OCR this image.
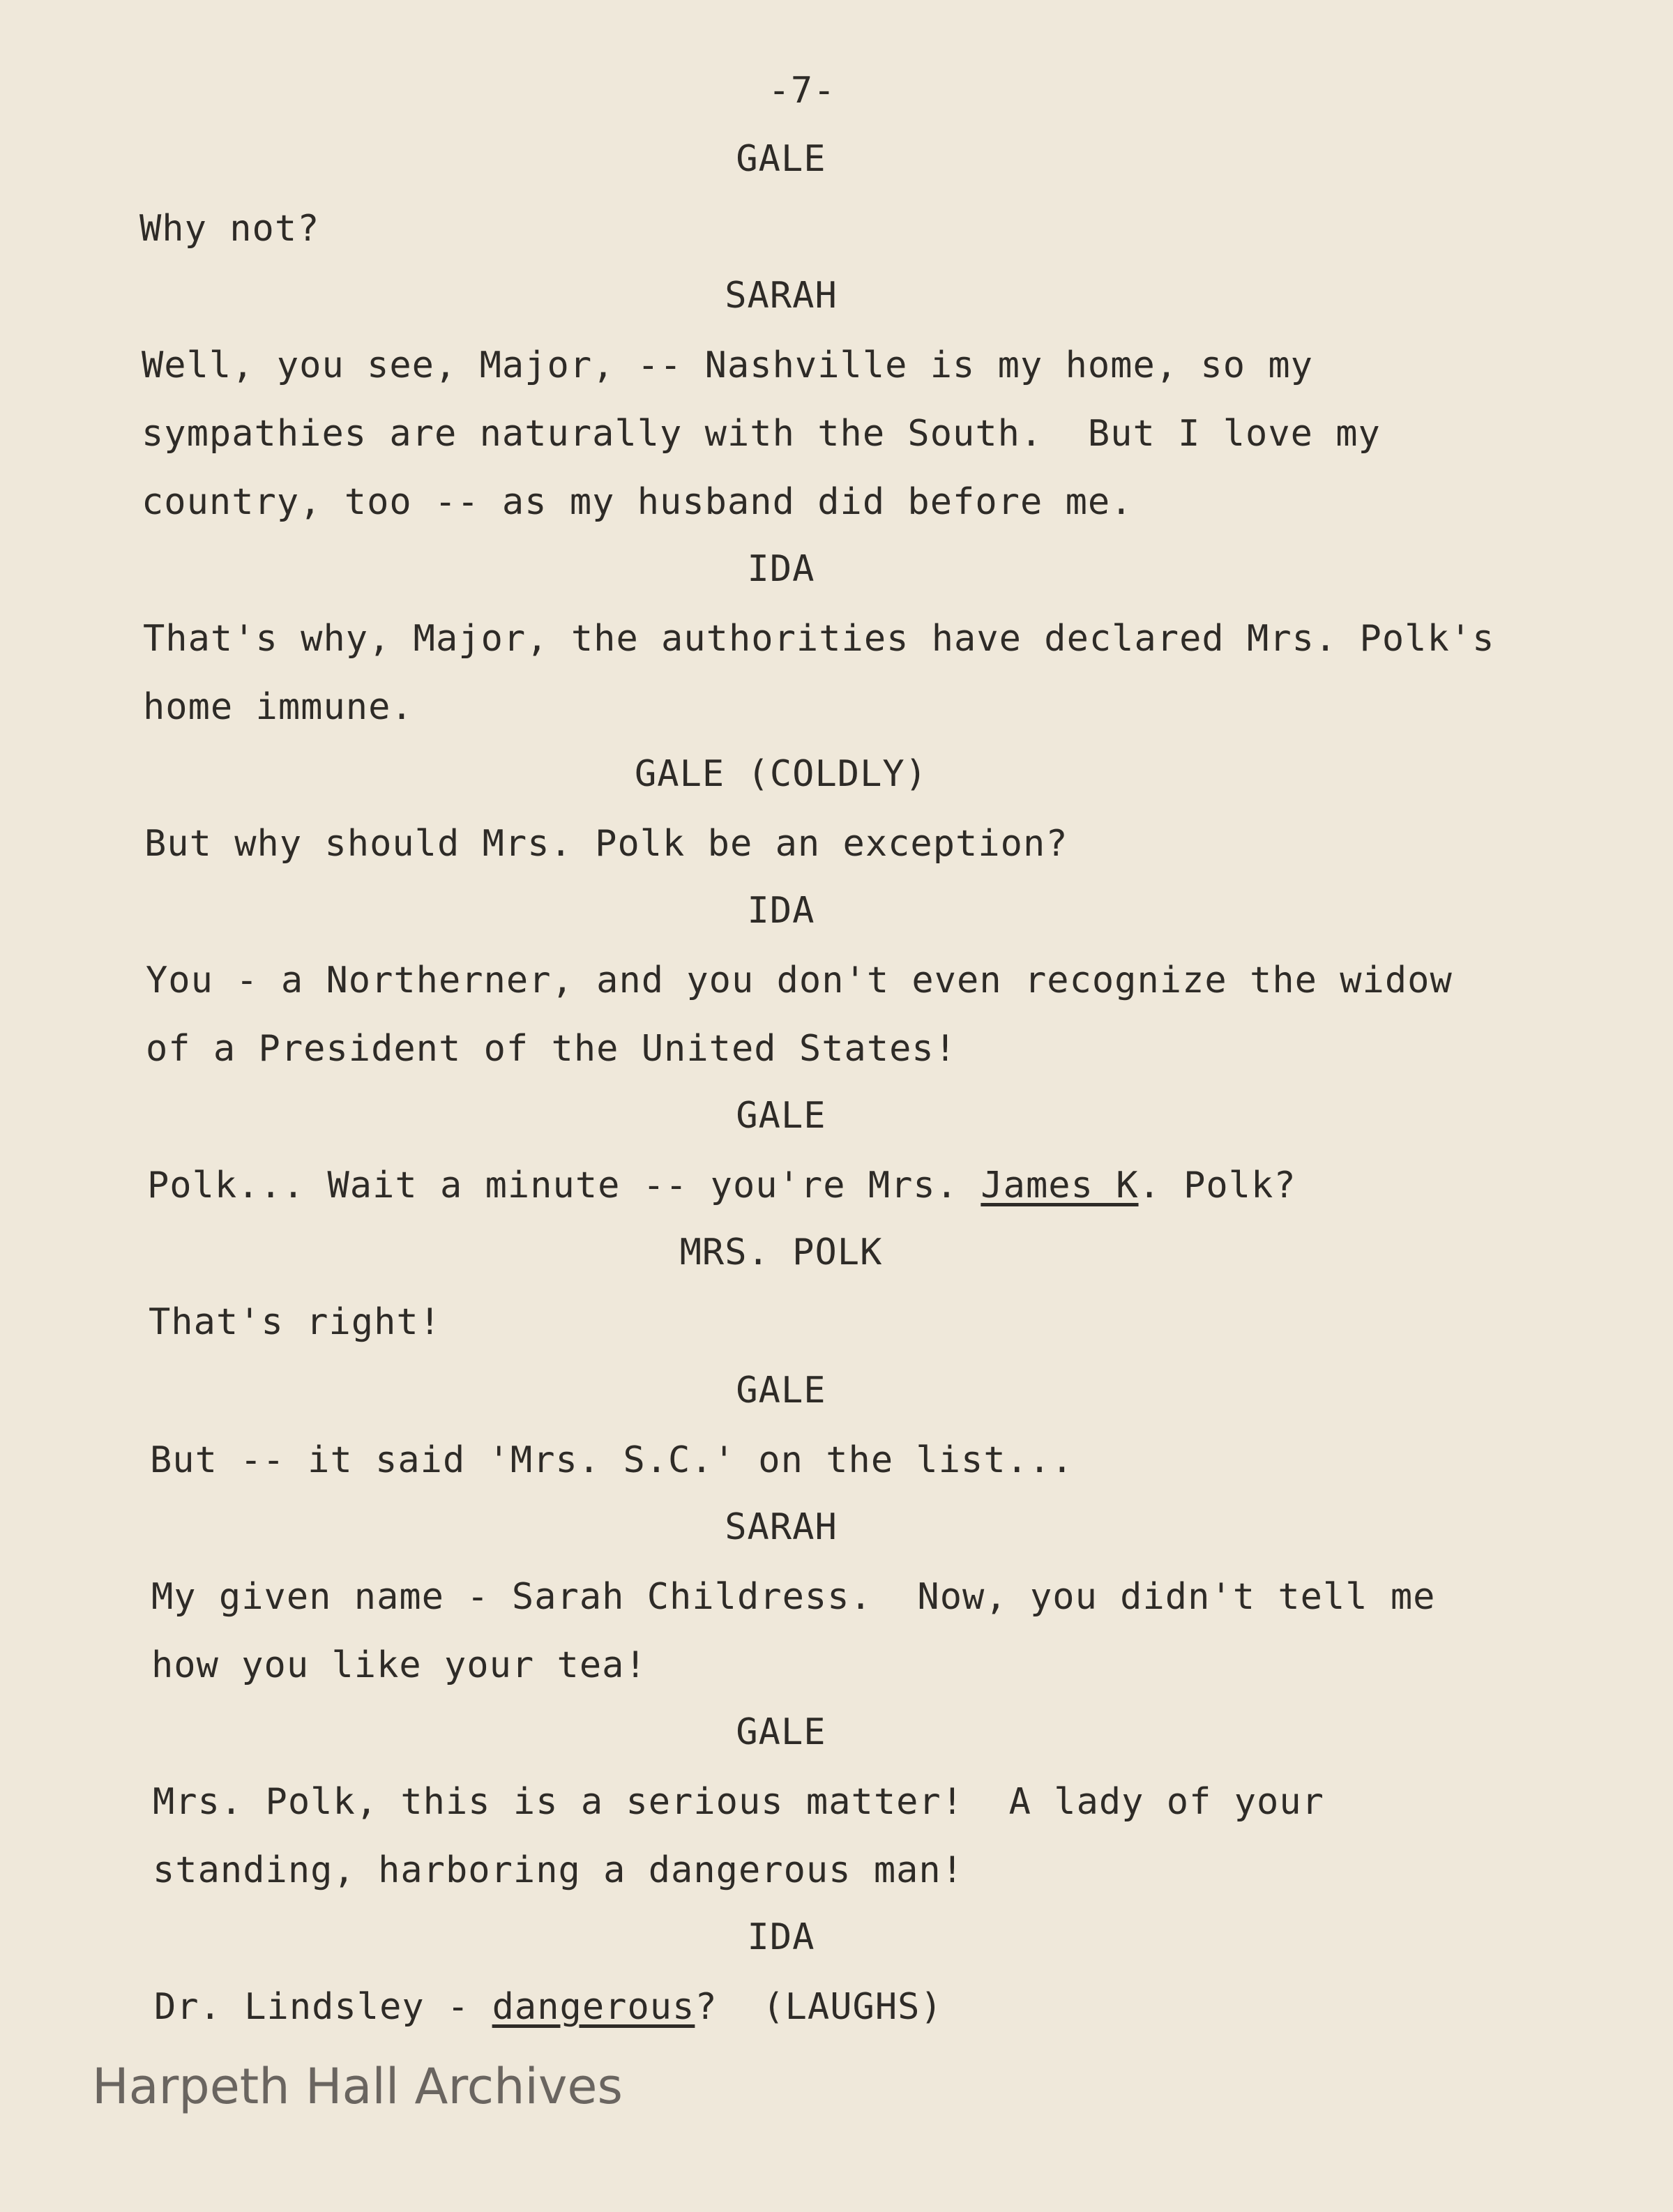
-7-
GALE
Why not?
SARAH
Well, you see, Major, -- Nashville is my home, so my
sympathies are naturally with the South.  But I love my
country, too -- as my husband did before me.
IDA
That's why, Major, the authorities have declared Mrs. Polk's
home immune.
GALE (COLDLY)
But why should Mrs. Polk be an exception?
IDA
You - a Northerner, and you don't even recognize the widow
of a President of the United States!
GALE
Polk... Wait a minute -- you're Mrs. James K. Polk?
MRS. POLK
That's right!
GALE
But -- it said 'Mrs. S.C.' on the list...
SARAH
My given name - Sarah Childress.  Now, you didn't tell me
how you like your tea!
GALE
Mrs. Polk, this is a serious matter!  A lady of your
standing, harboring a dangerous man!
IDA
Dr. Lindsley - dangerous?  (LAUGHS)
Harpeth Hall Archives
